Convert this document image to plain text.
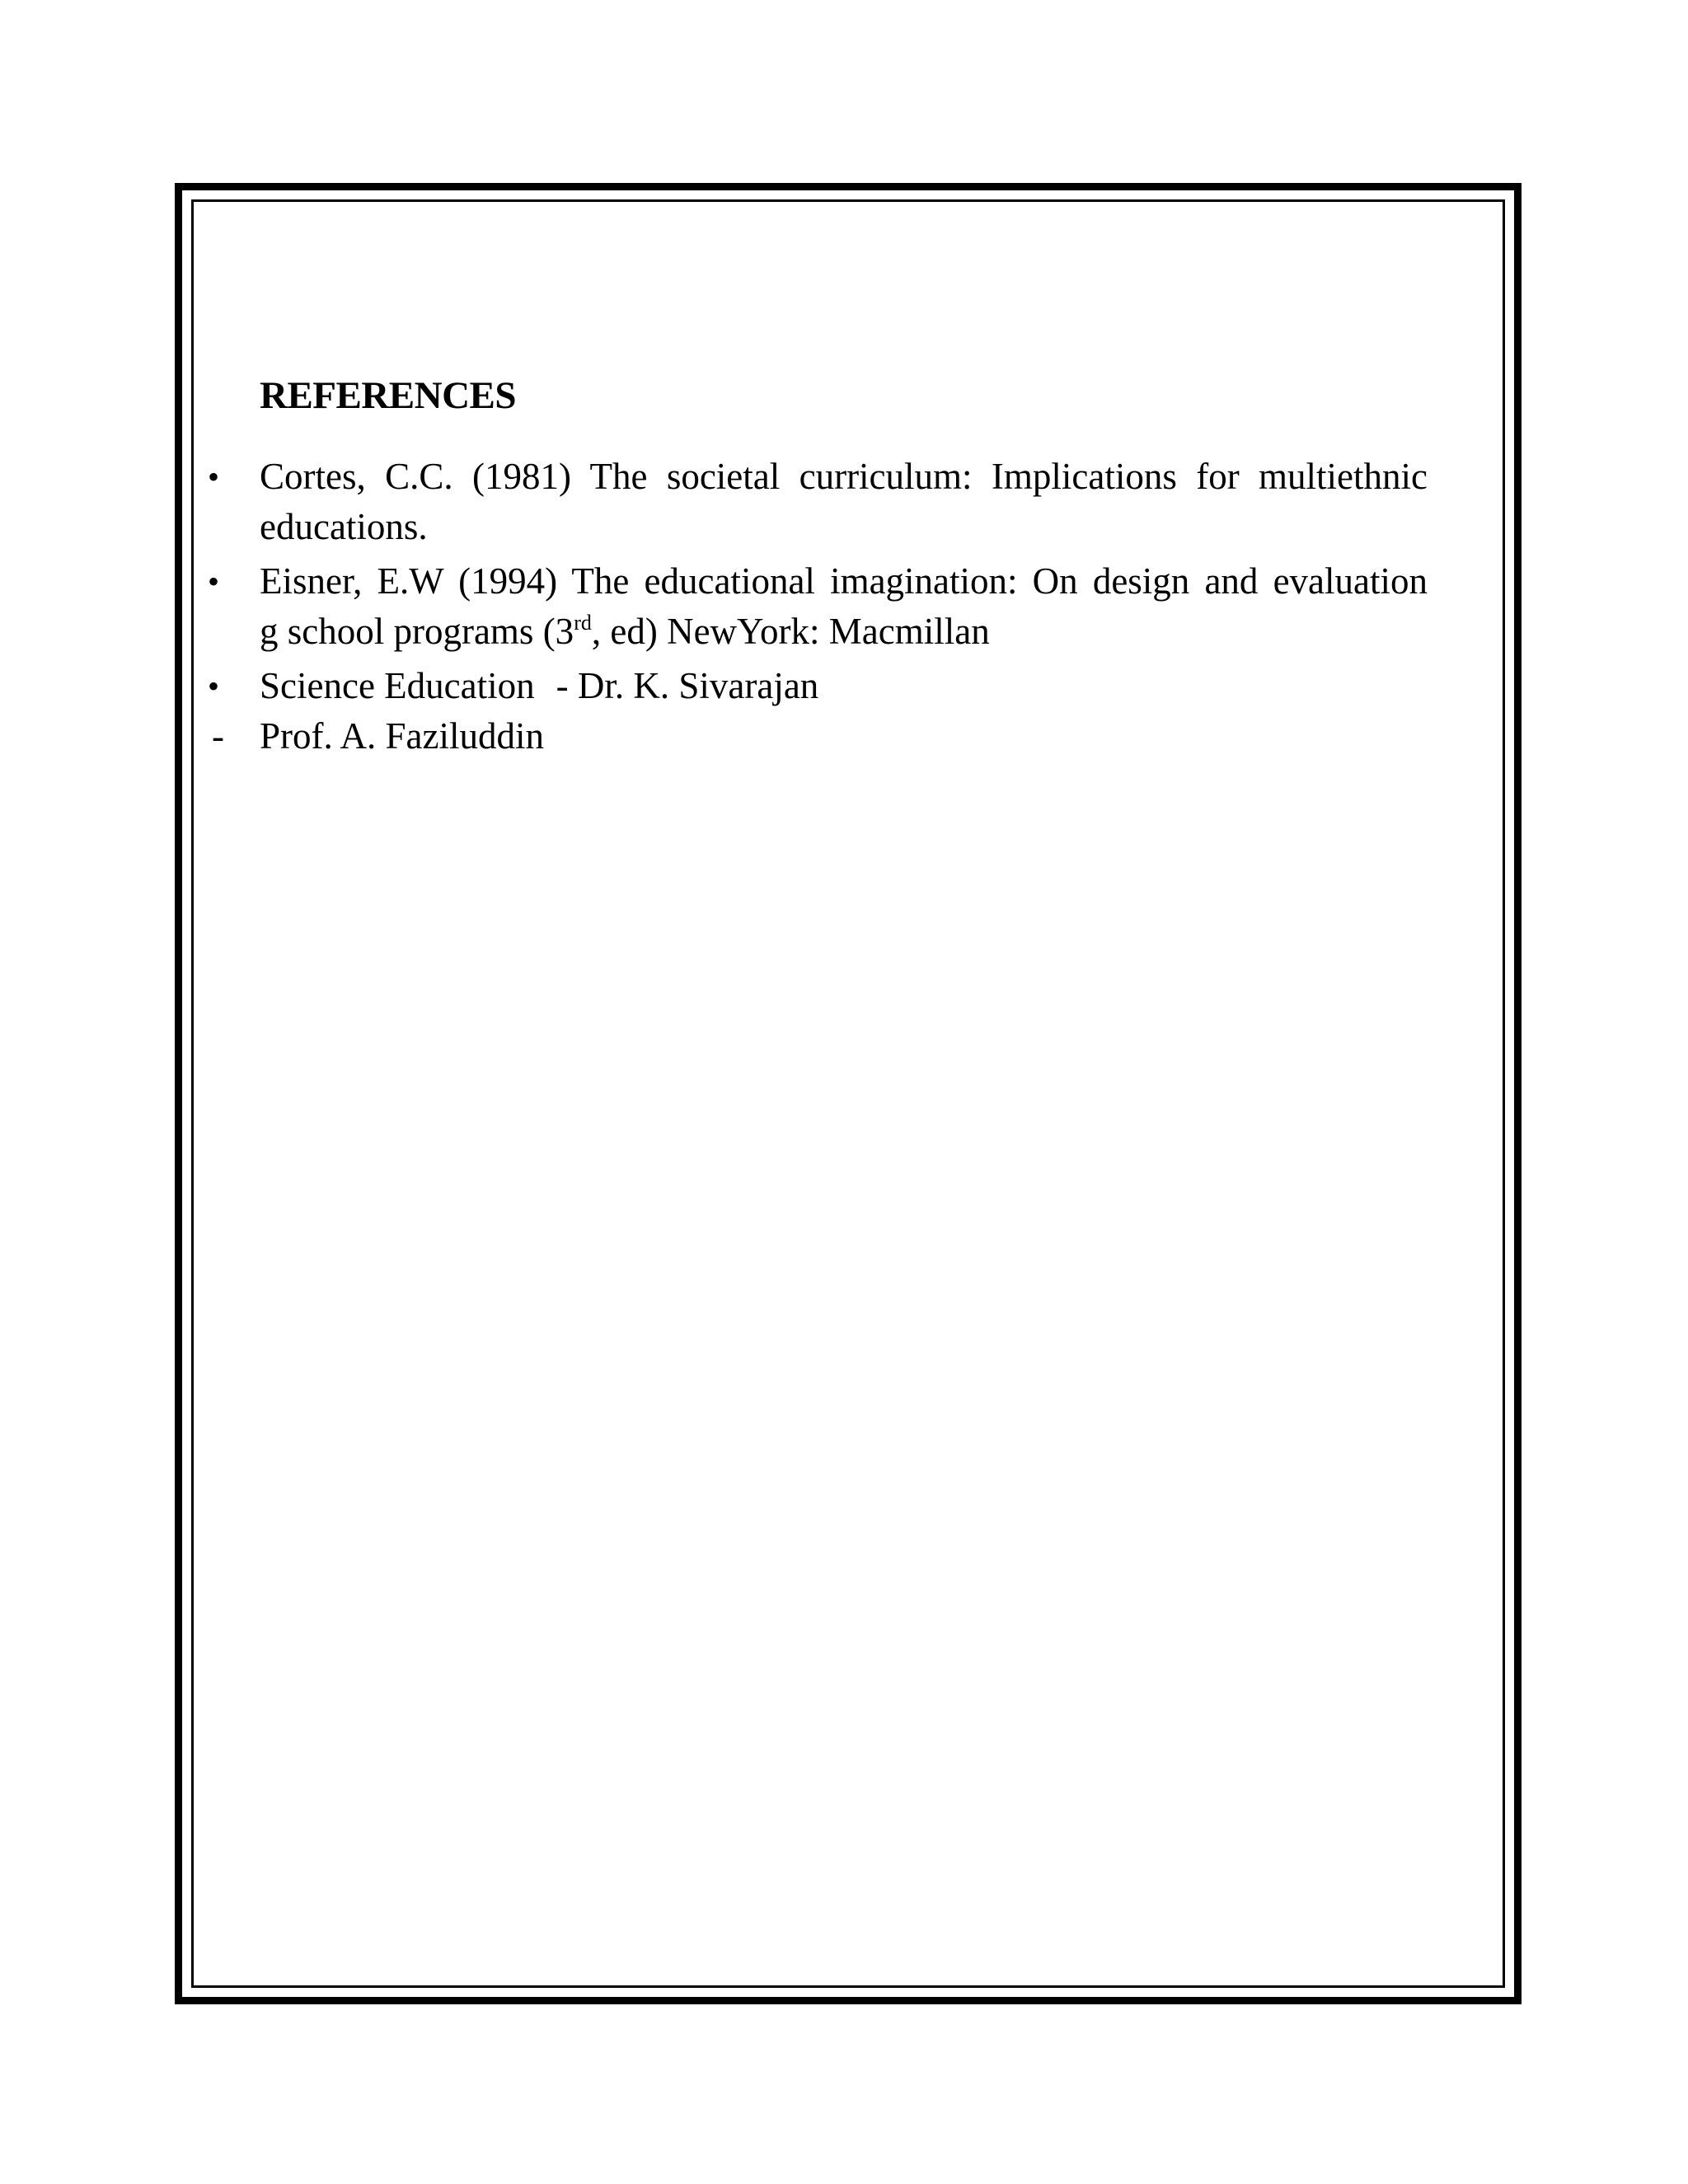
REFERENCES
• Cortes, C.C. (1981) The societal curriculum: Implications for multiethnic
educations.
• Eisner, E.W (1994) The educational imagination: On design and evaluation
g school programs (3rd, ed) NewYork: Macmillan
• Science Education - Dr. K. Sivarajan
- Prof. A. Faziluddin
